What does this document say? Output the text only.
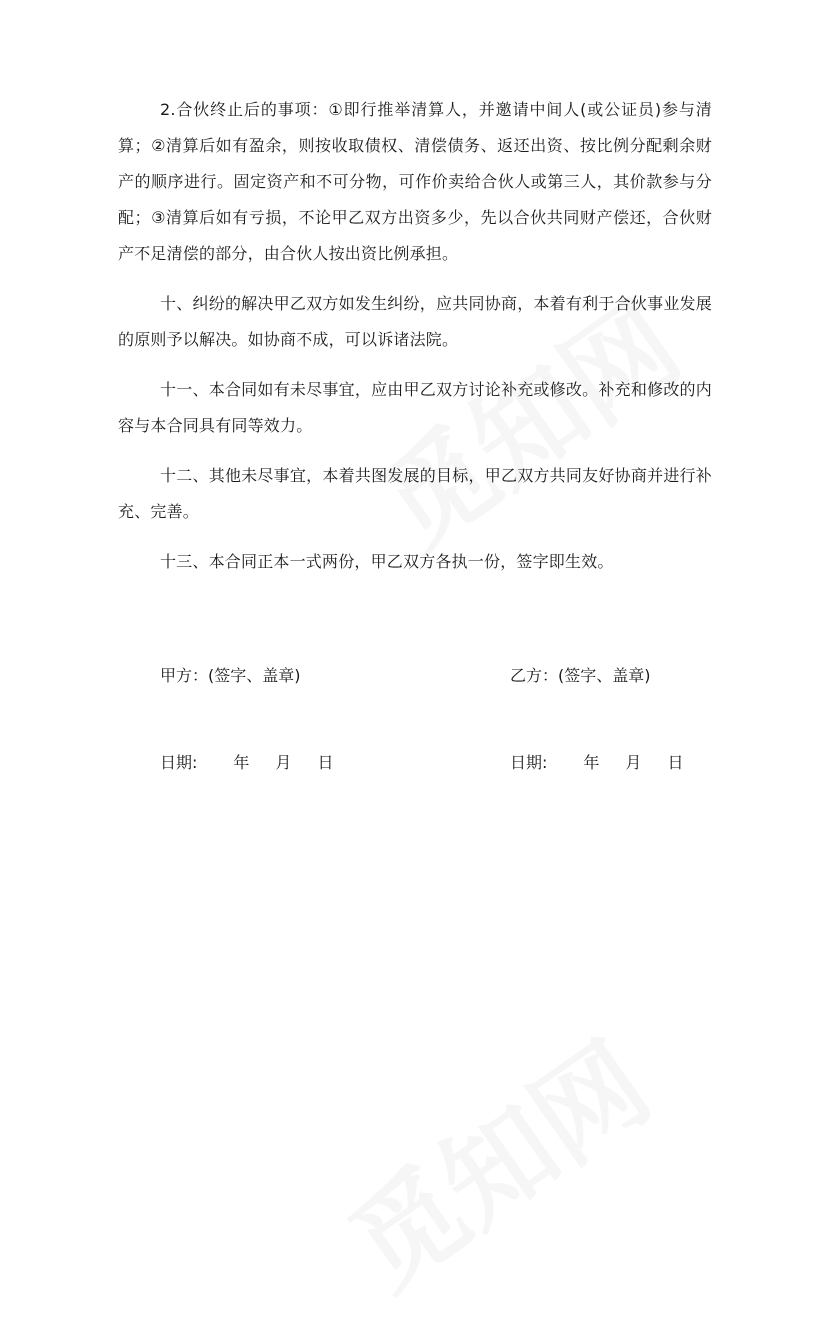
2.合伙终止后的事项：①即行推举清算人，并邀请中间人(或公证员)参与清算；②清算后如有盈余，则按收取债权、清偿债务、返还出资、按比例分配剩余财产的顺序进行。固定资产和不可分物，可作价卖给合伙人或第三人，其价款参与分配；③清算后如有亏损，不论甲乙双方出资多少，先以合伙共同财产偿还，合伙财产不足清偿的部分，由合伙人按出资比例承担。

十、纠纷的解决甲乙双方如发生纠纷，应共同协商，本着有利于合伙事业发展的原则予以解决。如协商不成，可以诉诸法院。

十一、本合同如有未尽事宜，应由甲乙双方讨论补充或修改。补充和修改的内容与本合同具有同等效力。

十二、其他未尽事宜，本着共图发展的目标，甲乙双方共同友好协商并进行补充、完善。

十三、本合同正本一式两份，甲乙双方各执一份，签字即生效。

甲方：(签字、盖章)	乙方：(签字、盖章)
日期: 年 月 日	日期: 年 月 日
